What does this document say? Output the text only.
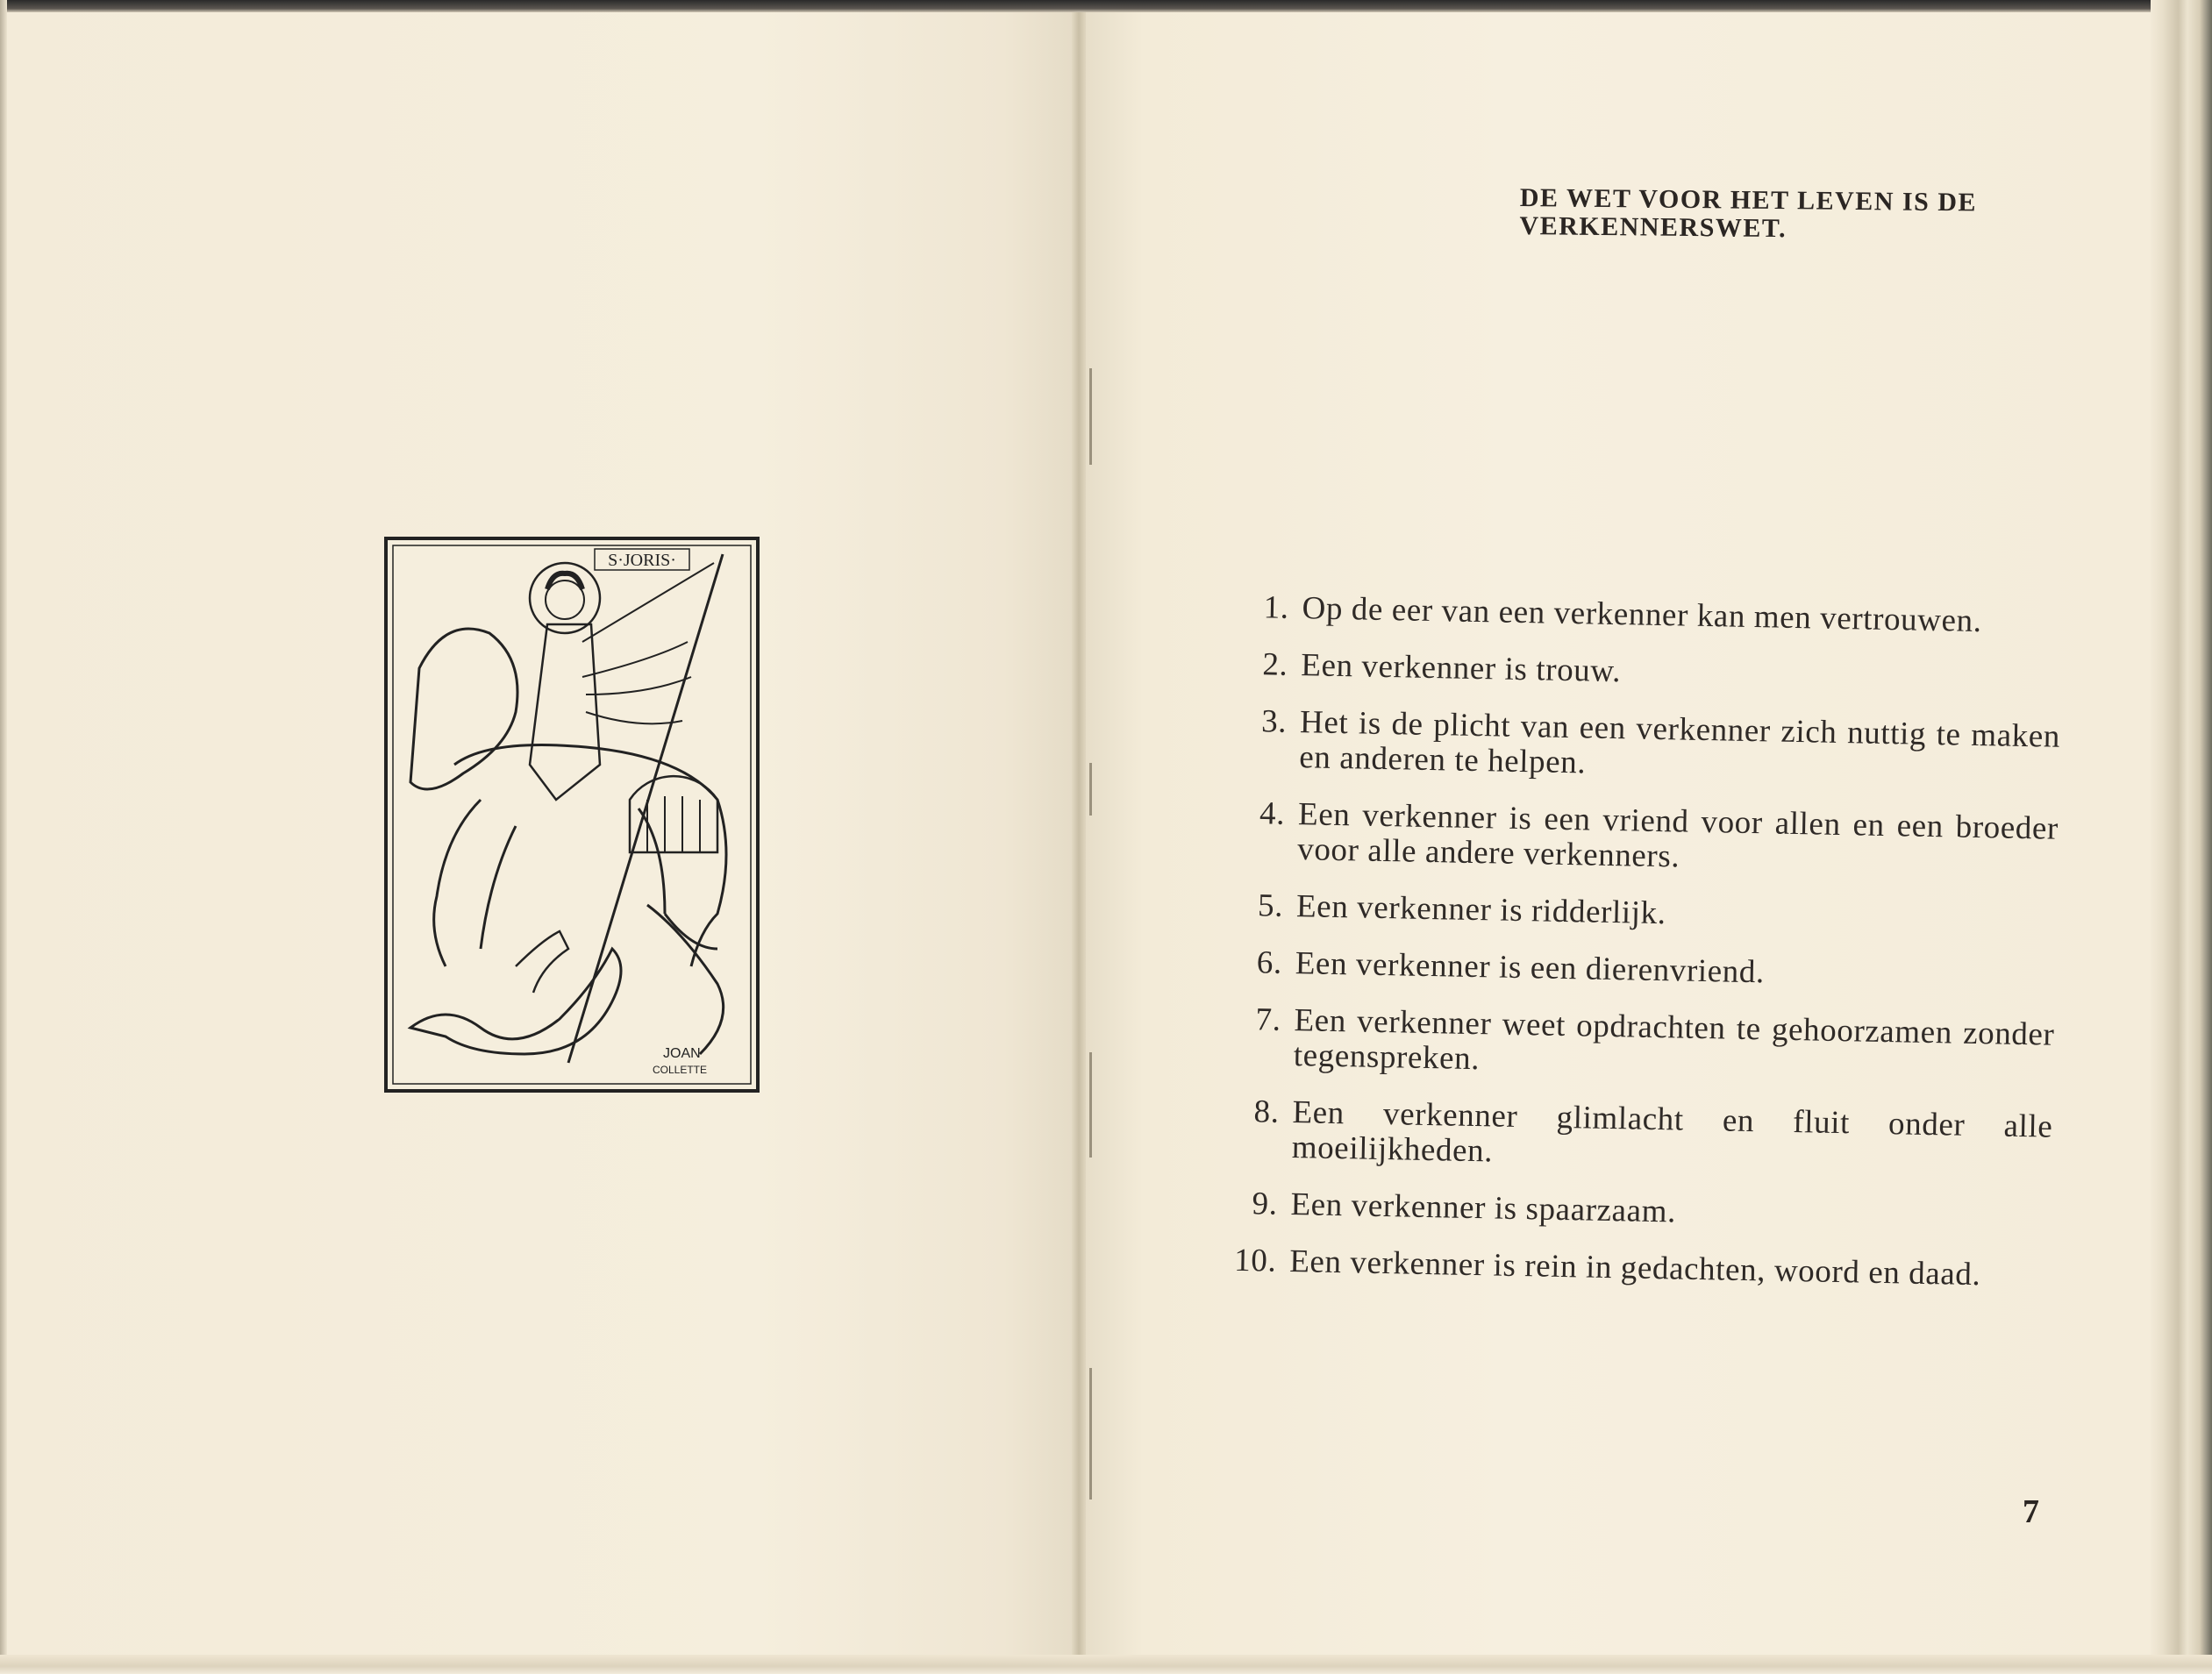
S·JORIS·
JOAN
COLLETTE
DE WET VOOR HET LEVEN IS DE
VERKENNERSWET.
1. Op de eer van een verkenner kan men vertrouwen.
2. Een verkenner is trouw.
3. Het is de plicht van een verkenner zich nuttig te maken en anderen te helpen.
4. Een verkenner is een vriend voor allen en een broeder voor alle andere verkenners.
5. Een verkenner is ridderlijk.
6. Een verkenner is een dierenvriend.
7. Een verkenner weet opdrachten te gehoorzamen zonder tegenspreken.
8. Een verkenner glimlacht en fluit onder alle moeilijkheden.
9. Een verkenner is spaarzaam.
10. Een verkenner is rein in gedachten, woord en daad.
7
